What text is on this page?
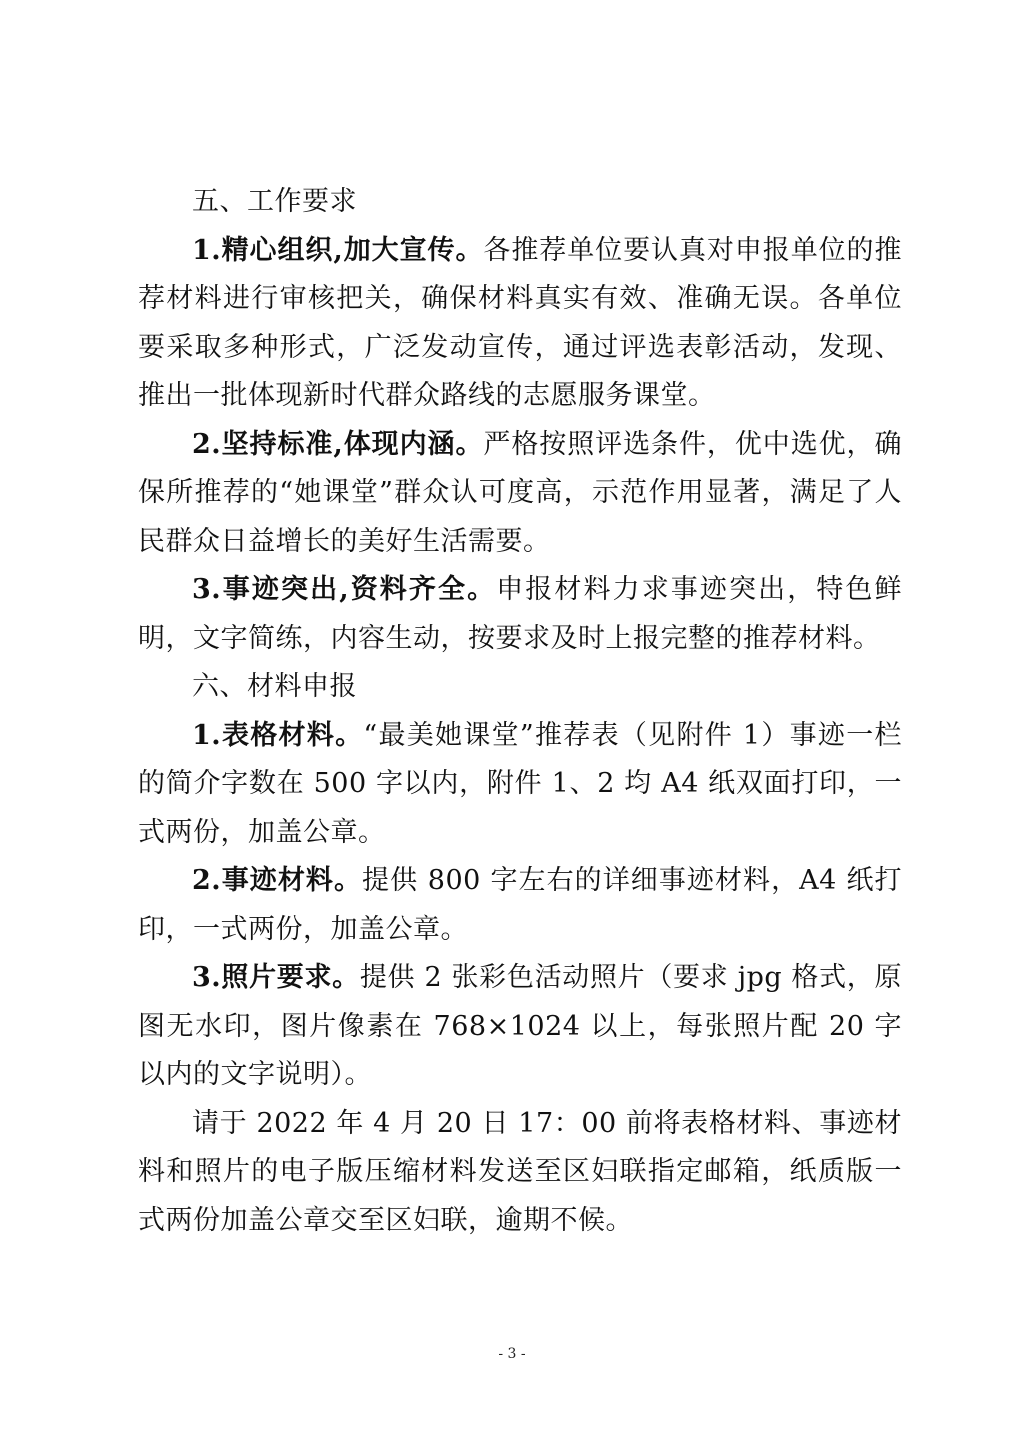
五、工作要求

1.精心组织,加大宣传。各推荐单位要认真对申报单位的推荐材料进行审核把关，确保材料真实有效、准确无误。各单位要采取多种形式，广泛发动宣传，通过评选表彰活动，发现、推出一批体现新时代群众路线的志愿服务课堂。

2.坚持标准,体现内涵。严格按照评选条件，优中选优，确保所推荐的“她课堂”群众认可度高，示范作用显著，满足了人民群众日益增长的美好生活需要。

3.事迹突出,资料齐全。申报材料力求事迹突出，特色鲜明，文字简练，内容生动，按要求及时上报完整的推荐材料。

六、材料申报

1.表格材料。“最美她课堂”推荐表（见附件 1）事迹一栏的简介字数在 500 字以内，附件 1、2 均 A4 纸双面打印，一式两份，加盖公章。

2.事迹材料。提供 800 字左右的详细事迹材料，A4 纸打印，一式两份，加盖公章。

3.照片要求。提供 2 张彩色活动照片（要求 jpg 格式，原图无水印，图片像素在 768×1024 以上，每张照片配 20 字以内的文字说明）。

请于 2022 年 4 月 20 日 17：00 前将表格材料、事迹材料和照片的电子版压缩材料发送至区妇联指定邮箱，纸质版一式两份加盖公章交至区妇联，逾期不候。

- 3 -
